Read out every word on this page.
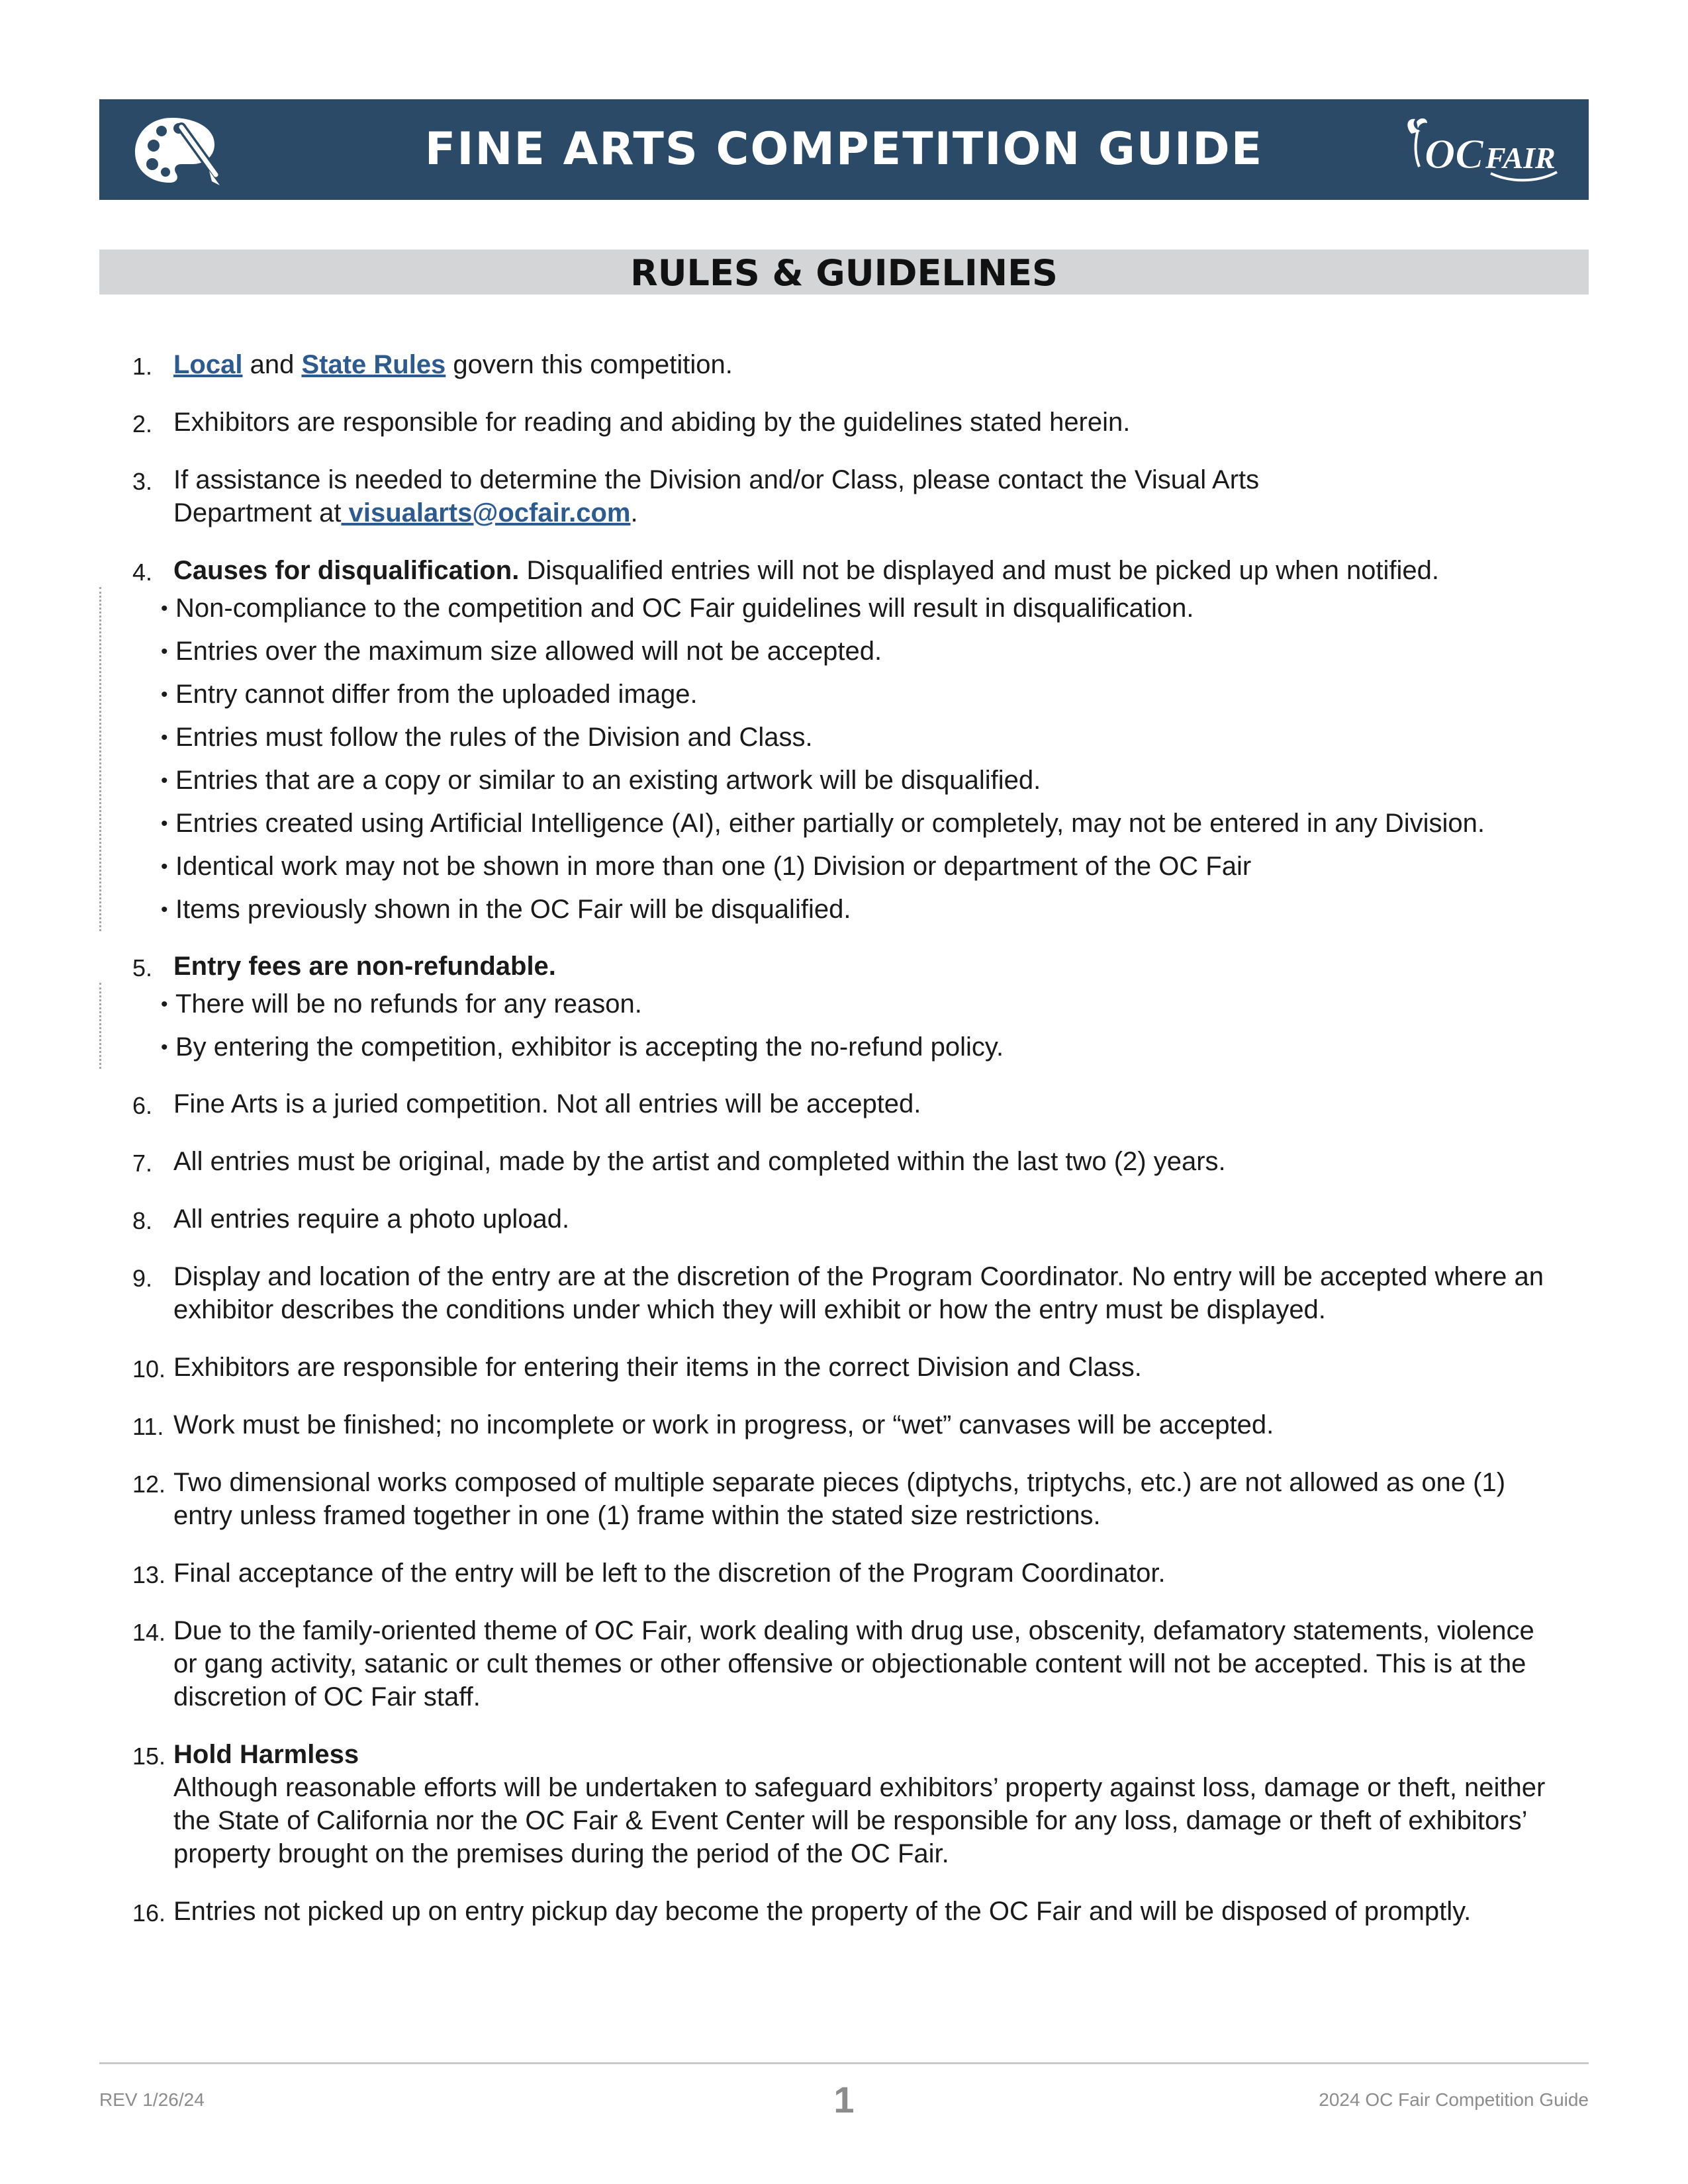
FINE ARTS COMPETITION GUIDE	OC FAIR
RULES & GUIDELINES
1. Local and State Rules govern this competition.
2. Exhibitors are responsible for reading and abiding by the guidelines stated herein.
3. If assistance is needed to determine the Division and/or Class, please contact the Visual Arts Department at visualarts@ocfair.com.
4. Causes for disqualification. Disqualified entries will not be displayed and must be picked up when notified.
• Non-compliance to the competition and OC Fair guidelines will result in disqualification.
• Entries over the maximum size allowed will not be accepted.
• Entry cannot differ from the uploaded image.
• Entries must follow the rules of the Division and Class.
• Entries that are a copy or similar to an existing artwork will be disqualified.
• Entries created using Artificial Intelligence (AI), either partially or completely, may not be entered in any Division.
• Identical work may not be shown in more than one (1) Division or department of the OC Fair
• Items previously shown in the OC Fair will be disqualified.
5. Entry fees are non-refundable.
• There will be no refunds for any reason.
• By entering the competition, exhibitor is accepting the no-refund policy.
6. Fine Arts is a juried competition. Not all entries will be accepted.
7. All entries must be original, made by the artist and completed within the last two (2) years.
8. All entries require a photo upload.
9. Display and location of the entry are at the discretion of the Program Coordinator. No entry will be accepted where an exhibitor describes the conditions under which they will exhibit or how the entry must be displayed.
10. Exhibitors are responsible for entering their items in the correct Division and Class.
11. Work must be finished; no incomplete or work in progress, or “wet” canvases will be accepted.
12. Two dimensional works composed of multiple separate pieces (diptychs, triptychs, etc.) are not allowed as one (1) entry unless framed together in one (1) frame within the stated size restrictions.
13. Final acceptance of the entry will be left to the discretion of the Program Coordinator.
14. Due to the family-oriented theme of OC Fair, work dealing with drug use, obscenity, defamatory statements, violence or gang activity, satanic or cult themes or other offensive or objectionable content will not be accepted. This is at the discretion of OC Fair staff.
15. Hold Harmless
Although reasonable efforts will be undertaken to safeguard exhibitors’ property against loss, damage or theft, neither the State of California nor the OC Fair & Event Center will be responsible for any loss, damage or theft of exhibitors’ property brought on the premises during the period of the OC Fair.
16. Entries not picked up on entry pickup day become the property of the OC Fair and will be disposed of promptly.
REV 1/26/24	1	2024 OC Fair Competition Guide
